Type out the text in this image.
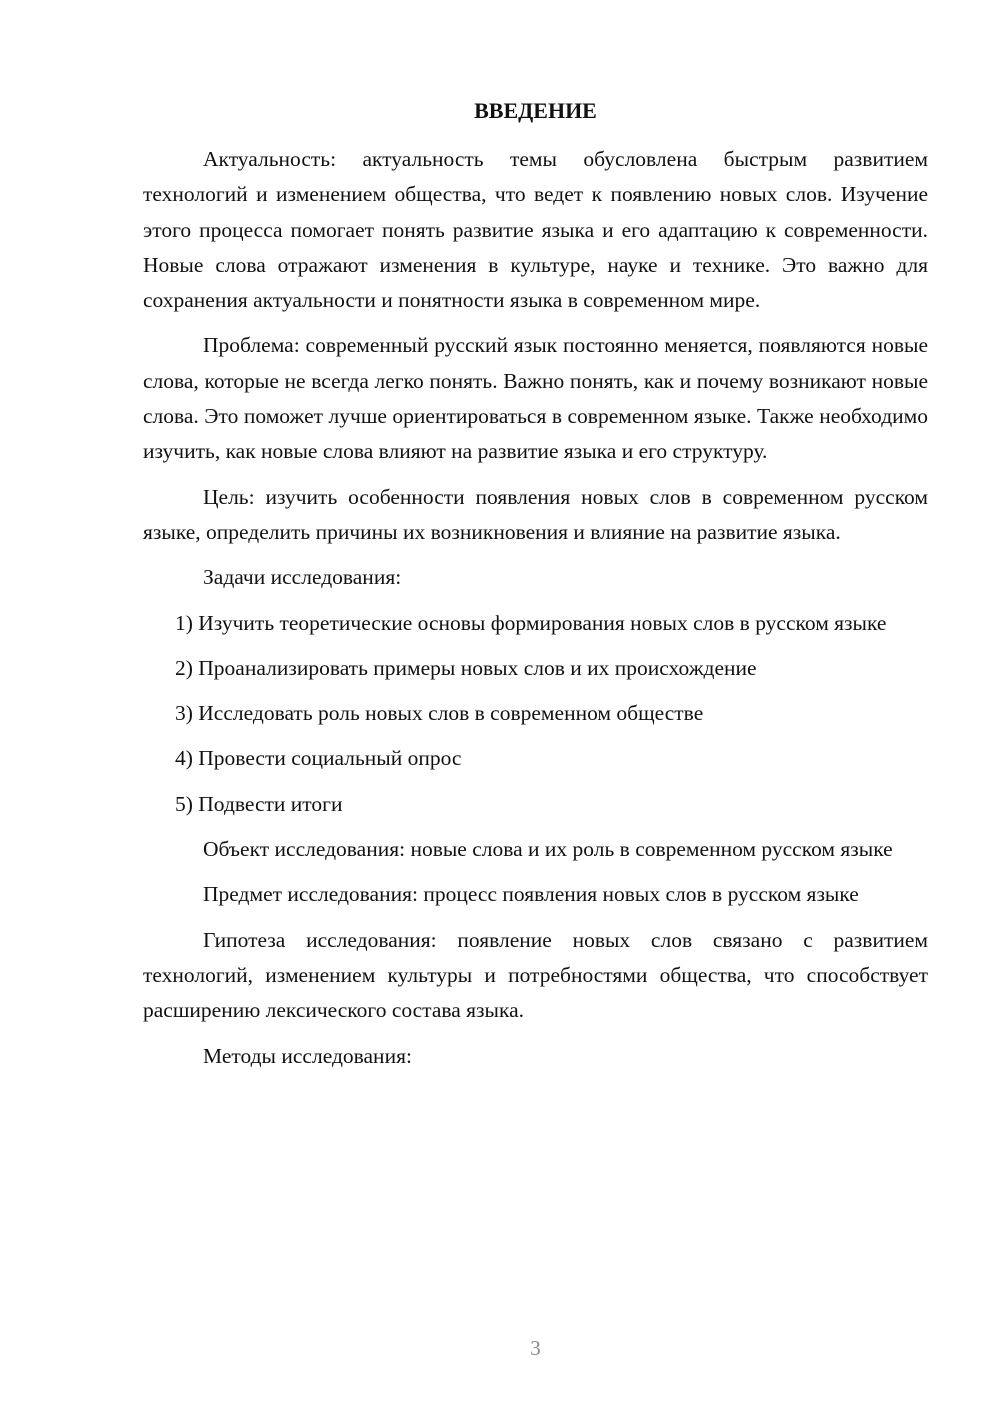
ВВЕДЕНИЕ

Актуальность: актуальность темы обусловлена быстрым развитием технологий и изменением общества, что ведет к появлению новых слов. Изучение этого процесса помогает понять развитие языка и его адаптацию к современности. Новые слова отражают изменения в культуре, науке и технике. Это важно для сохранения актуальности и понятности языка в современном мире.

Проблема: современный русский язык постоянно меняется, появляются новые слова, которые не всегда легко понять. Важно понять, как и почему возникают новые слова. Это поможет лучше ориентироваться в современном языке. Также необходимо изучить, как новые слова влияют на развитие языка и его структуру.

Цель: изучить особенности появления новых слов в современном русском языке, определить причины их возникновения и влияние на развитие языка.

Задачи исследования:

1) Изучить теоретические основы формирования новых слов в русском языке
2) Проанализировать примеры новых слов и их происхождение
3) Исследовать роль новых слов в современном обществе
4) Провести социальный опрос
5) Подвести итоги

Объект исследования: новые слова и их роль в современном русском языке

Предмет исследования: процесс появления новых слов в русском языке

Гипотеза исследования: появление новых слов связано с развитием технологий, изменением культуры и потребностями общества, что способствует расширению лексического состава языка.

Методы исследования:

3
